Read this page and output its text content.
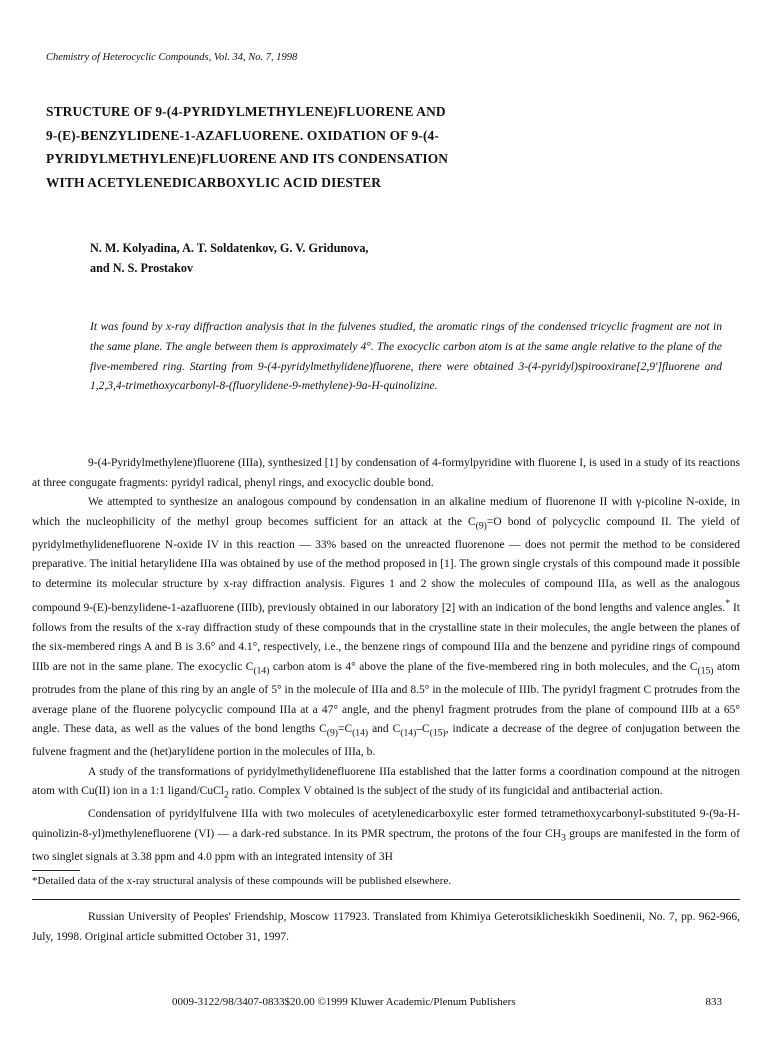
Chemistry of Heterocyclic Compounds, Vol. 34, No. 7, 1998
STRUCTURE OF 9-(4-PYRIDYLMETHYLENE)FLUORENE AND
9-(E)-BENZYLIDENE-1-AZAFLUORENE. OXIDATION OF 9-(4-
PYRIDYLMETHYLENE)FLUORENE AND ITS CONDENSATION
WITH ACETYLENEDICARBOXYLIC ACID DIESTER
N. M. Kolyadina, A. T. Soldatenkov, G. V. Gridunova,
and N. S. Prostakov
It was found by x-ray diffraction analysis that in the fulvenes studied, the aromatic rings of the condensed tricyclic fragment are not in the same plane. The angle between them is approximately 4°. The exocyclic carbon atom is at the same angle relative to the plane of the five-membered ring. Starting from 9-(4-pyridylmethylidene)fluorene, there were obtained 3-(4-pyridyl)spirooxirane[2,9']fluorene and 1,2,3,4-trimethoxycarbonyl-8-(fluorylidene-9-methylene)-9a-H-quinolizine.

9-(4-Pyridylmethylene)fluorene (IIIa), synthesized [1] by condensation of 4-formylpyridine with fluorene I, is used in a study of its reactions at three congugate fragments: pyridyl radical, phenyl rings, and exocyclic double bond.

We attempted to synthesize an analogous compound by condensation in an alkaline medium of fluorenone II with γ-picoline N-oxide, in which the nucleophilicity of the methyl group becomes sufficient for an attack at the $C_{(9)}=O$ bond of polycyclic compound II. The yield of pyridylmethylidenefluorene N-oxide IV in this reaction — 33% based on the unreacted fluorenone — does not permit the method to be considered preparative. The initial hetarylidene IIIa was obtained by use of the method proposed in [1]. The grown single crystals of this compound made it possible to determine its molecular structure by x-ray diffraction analysis. Figures 1 and 2 show the molecules of compound IIIa, as well as the analogous compound 9-(E)-benzylidene-1-azafluorene (IIIb), previously obtained in our laboratory [2] with an indication of the bond lengths and valence angles.* It follows from the results of the x-ray diffraction study of these compounds that in the crystalline state in their molecules, the angle between the planes of the six-membered rings A and B is 3.6° and 4.1°, respectively, i.e., the benzene rings of compound IIIa and the benzene and pyridine rings of compound IIIb are not in the same plane. The exocyclic $C_{(14)}$ carbon atom is 4° above the plane of the five-membered ring in both molecules, and the $C_{(15)}$ atom protrudes from the plane of this ring by an angle of 5° in the molecule of IIIa and 8.5° in the molecule of IIIb. The pyridyl fragment C protrudes from the average plane of the fluorene polycyclic compound IIIa at a 47° angle, and the phenyl fragment protrudes from the plane of compound IIIb at a 65° angle. These data, as well as the values of the bond lengths $C_{(9)}=C_{(14)}$ and $C_{(14)}-C_{(15)}$, indicate a decrease of the degree of conjugation between the fulvene fragment and the (het)arylidene portion in the molecules of IIIa, b.

A study of the transformations of pyridylmethylidenefluorene IIIa established that the latter forms a coordination compound at the nitrogen atom with Cu(II) ion in a 1:1 ligand/CuCl$_2$ ratio. Complex V obtained is the subject of the study of its fungicidal and antibacterial action.

Condensation of pyridylfulvene IIIa with two molecules of acetylenedicarboxylic ester formed tetramethoxycarbonyl-substituted 9-(9a-H-quinolizin-8-yl)methylenefluorene (VI) — a dark-red substance. In its PMR spectrum, the protons of the four $CH_3$ groups are manifested in the form of two singlet signals at 3.38 ppm and 4.0 ppm with an integrated intensity of 3H

*Detailed data of the x-ray structural analysis of these compounds will be published elsewhere.
Russian University of Peoples' Friendship, Moscow 117923. Translated from Khimiya Geterotsiklicheskikh Soedinenii, No. 7, pp. 962-966, July, 1998. Original article submitted October 31, 1997.
0009-3122/98/3407-0833$20.00 ©1999 Kluwer Academic/Plenum Publishers	833
